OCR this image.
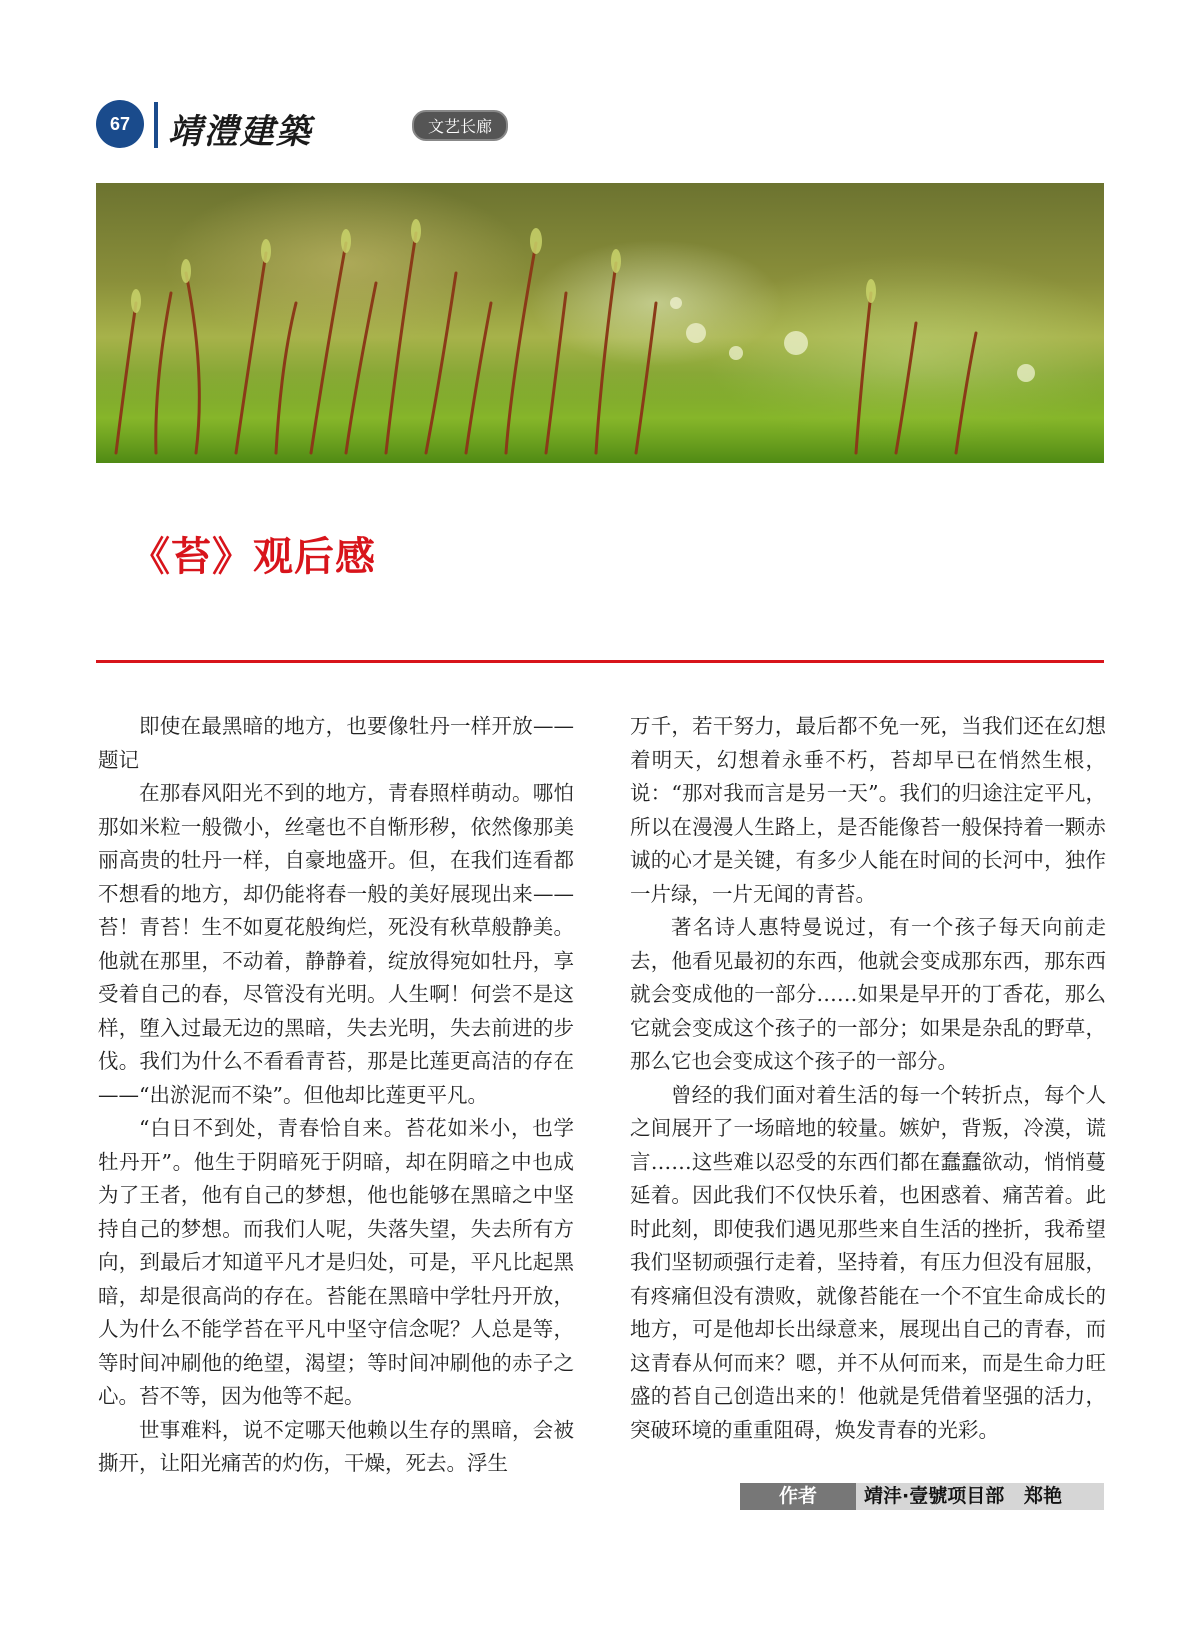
67	靖澧建築	文艺长廊
《苔》观后感

即使在最黑暗的地方，也要像牡丹一样开放——题记

在那春风阳光不到的地方，青春照样萌动。哪怕那如米粒一般微小，丝毫也不自惭形秽，依然像那美丽高贵的牡丹一样，自豪地盛开。但，在我们连看都不想看的地方，却仍能将春一般的美好展现出来——苔！青苔！生不如夏花般绚烂，死没有秋草般静美。他就在那里，不动着，静静着，绽放得宛如牡丹，享受着自己的春，尽管没有光明。人生啊！何尝不是这样，堕入过最无边的黑暗，失去光明，失去前进的步伐。我们为什么不看看青苔，那是比莲更高洁的存在——“出淤泥而不染”。但他却比莲更平凡。

“白日不到处，青春恰自来。苔花如米小，也学牡丹开”。他生于阴暗死于阴暗，却在阴暗之中也成为了王者，他有自己的梦想，他也能够在黑暗之中坚持自己的梦想。而我们人呢，失落失望，失去所有方向，到最后才知道平凡才是归处，可是，平凡比起黑暗，却是很高尚的存在。苔能在黑暗中学牡丹开放，人为什么不能学苔在平凡中坚守信念呢？人总是等，等时间冲刷他的绝望，渴望；等时间冲刷他的赤子之心。苔不等，因为他等不起。

世事难料，说不定哪天他赖以生存的黑暗，会被撕开，让阳光痛苦的灼伤，干燥，死去。浮生

万千，若干努力，最后都不免一死，当我们还在幻想着明天，幻想着永垂不朽，苔却早已在悄然生根，说：“那对我而言是另一天”。我们的归途注定平凡，所以在漫漫人生路上，是否能像苔一般保持着一颗赤诚的心才是关键，有多少人能在时间的长河中，独作一片绿，一片无闻的青苔。

著名诗人惠特曼说过，有一个孩子每天向前走去，他看见最初的东西，他就会变成那东西，那东西就会变成他的一部分……如果是早开的丁香花，那么它就会变成这个孩子的一部分；如果是杂乱的野草，那么它也会变成这个孩子的一部分。

曾经的我们面对着生活的每一个转折点，每个人之间展开了一场暗地的较量。嫉妒，背叛，冷漠，谎言……这些难以忍受的东西们都在蠢蠢欲动，悄悄蔓延着。因此我们不仅快乐着，也困惑着、痛苦着。此时此刻，即使我们遇见那些来自生活的挫折，我希望我们坚韧顽强行走着，坚持着，有压力但没有屈服，有疼痛但没有溃败，就像苔能在一个不宜生命成长的地方，可是他却长出绿意来，展现出自己的青春，而这青春从何而来？嗯，并不从何而来，而是生命力旺盛的苔自己创造出来的！他就是凭借着坚强的活力，突破环境的重重阻碍，焕发青春的光彩。

作者	靖沣·壹號项目部   郑艳
